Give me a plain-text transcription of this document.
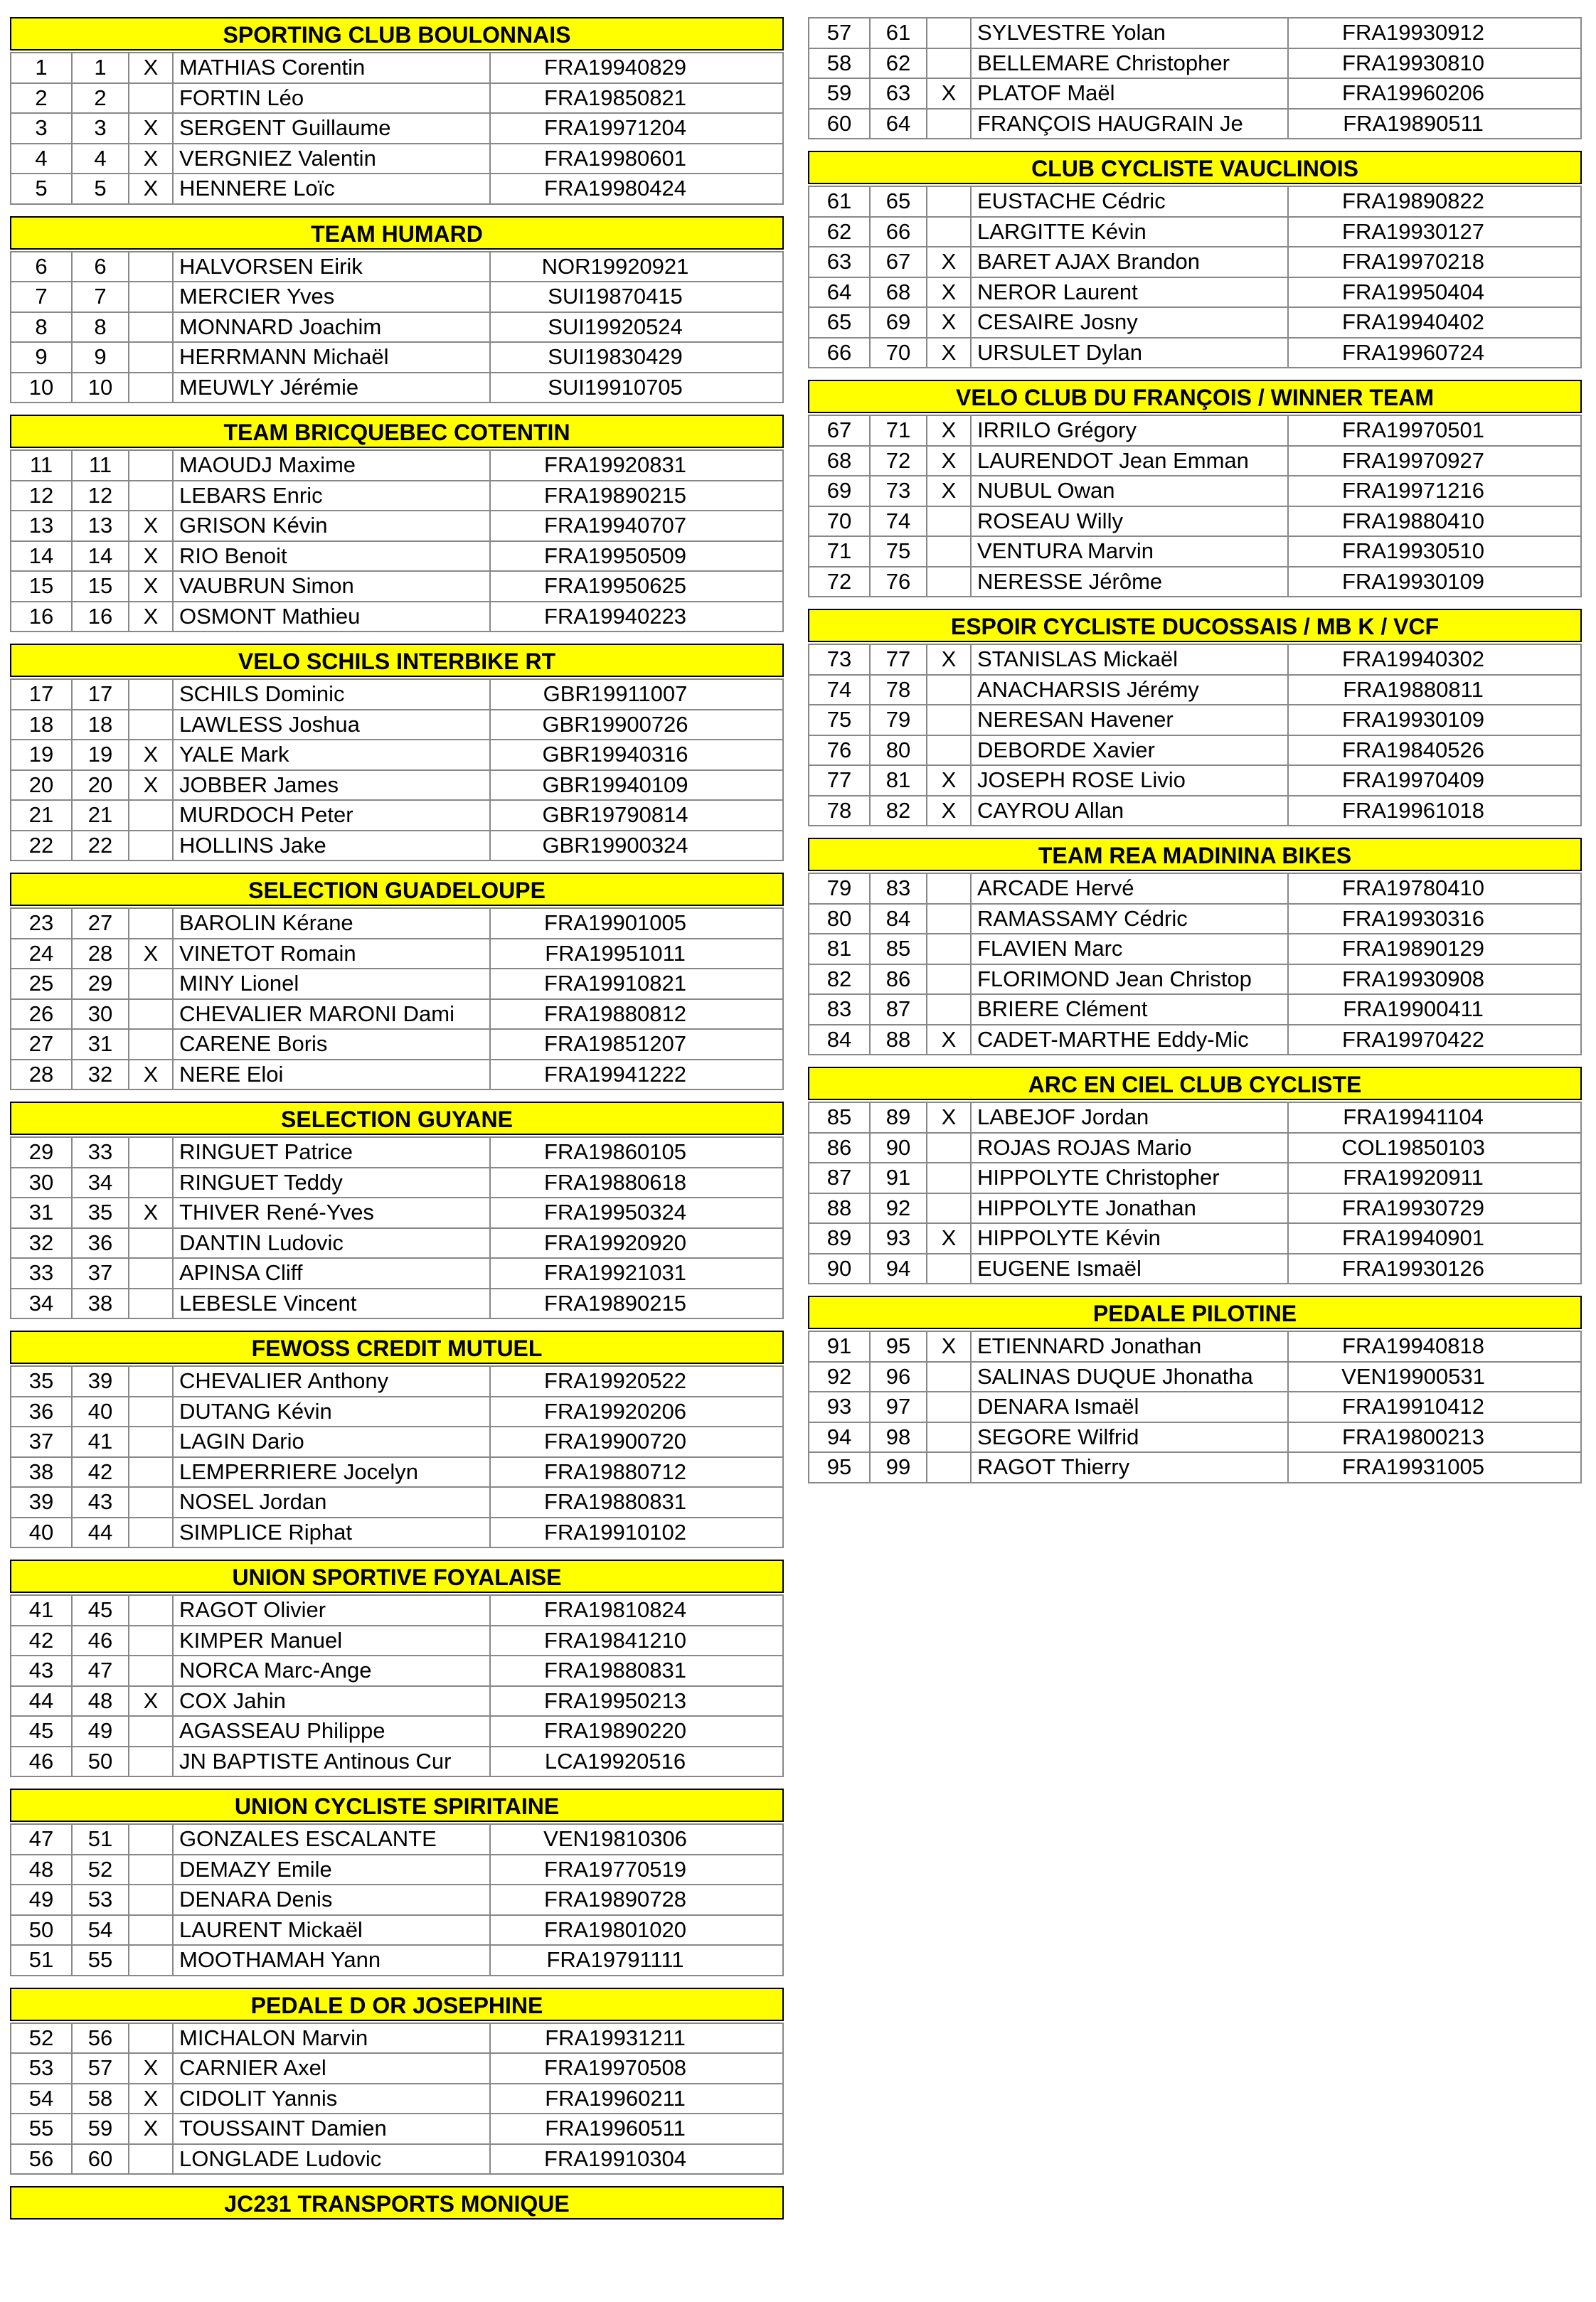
SPORTING CLUB BOULONNAIS
1	1	X	MATHIAS Corentin	FRA19940829
2	2		FORTIN Léo	FRA19850821
3	3	X	SERGENT Guillaume	FRA19971204
4	4	X	VERGNIEZ Valentin	FRA19980601
5	5	X	HENNERE Loïc	FRA19980424
TEAM HUMARD
6	6		HALVORSEN Eirik	NOR19920921
7	7		MERCIER Yves	SUI19870415
8	8		MONNARD Joachim	SUI19920524
9	9		HERRMANN Michaël	SUI19830429
10	10		MEUWLY Jérémie	SUI19910705
TEAM BRICQUEBEC COTENTIN
11	11		MAOUDJ Maxime	FRA19920831
12	12		LEBARS Enric	FRA19890215
13	13	X	GRISON Kévin	FRA19940707
14	14	X	RIO Benoit	FRA19950509
15	15	X	VAUBRUN Simon	FRA19950625
16	16	X	OSMONT Mathieu	FRA19940223
VELO SCHILS INTERBIKE RT
17	17		SCHILS Dominic	GBR19911007
18	18		LAWLESS Joshua	GBR19900726
19	19	X	YALE Mark	GBR19940316
20	20	X	JOBBER James	GBR19940109
21	21		MURDOCH Peter	GBR19790814
22	22		HOLLINS Jake	GBR19900324
SELECTION GUADELOUPE
23	27		BAROLIN Kérane	FRA19901005
24	28	X	VINETOT Romain	FRA19951011
25	29		MINY Lionel	FRA19910821
26	30		CHEVALIER MARONI Dami	FRA19880812
27	31		CARENE Boris	FRA19851207
28	32	X	NERE Eloi	FRA19941222
SELECTION GUYANE
29	33		RINGUET Patrice	FRA19860105
30	34		RINGUET Teddy	FRA19880618
31	35	X	THIVER René-Yves	FRA19950324
32	36		DANTIN Ludovic	FRA19920920
33	37		APINSA Cliff	FRA19921031
34	38		LEBESLE Vincent	FRA19890215
FEWOSS CREDIT MUTUEL
35	39		CHEVALIER Anthony	FRA19920522
36	40		DUTANG Kévin	FRA19920206
37	41		LAGIN Dario	FRA19900720
38	42		LEMPERRIERE Jocelyn	FRA19880712
39	43		NOSEL Jordan	FRA19880831
40	44		SIMPLICE Riphat	FRA19910102
UNION SPORTIVE FOYALAISE
41	45		RAGOT Olivier	FRA19810824
42	46		KIMPER Manuel	FRA19841210
43	47		NORCA Marc-Ange	FRA19880831
44	48	X	COX Jahin	FRA19950213
45	49		AGASSEAU Philippe	FRA19890220
46	50		JN BAPTISTE Antinous Cur	LCA19920516
UNION CYCLISTE SPIRITAINE
47	51		GONZALES ESCALANTE	VEN19810306
48	52		DEMAZY Emile	FRA19770519
49	53		DENARA Denis	FRA19890728
50	54		LAURENT Mickaël	FRA19801020
51	55		MOOTHAMAH Yann	FRA19791111
PEDALE D OR JOSEPHINE
52	56		MICHALON Marvin	FRA19931211
53	57	X	CARNIER Axel	FRA19970508
54	58	X	CIDOLIT Yannis	FRA19960211
55	59	X	TOUSSAINT Damien	FRA19960511
56	60		LONGLADE Ludovic	FRA19910304
JC231 TRANSPORTS MONIQUE
57	61		SYLVESTRE Yolan	FRA19930912
58	62		BELLEMARE Christopher	FRA19930810
59	63	X	PLATOF Maël	FRA19960206
60	64		FRANÇOIS HAUGRAIN Je	FRA19890511
CLUB CYCLISTE VAUCLINOIS
61	65		EUSTACHE Cédric	FRA19890822
62	66		LARGITTE Kévin	FRA19930127
63	67	X	BARET AJAX Brandon	FRA19970218
64	68	X	NEROR Laurent	FRA19950404
65	69	X	CESAIRE Josny	FRA19940402
66	70	X	URSULET Dylan	FRA19960724
VELO CLUB DU FRANÇOIS / WINNER TEAM
67	71	X	IRRILO Grégory	FRA19970501
68	72	X	LAURENDOT Jean Emman	FRA19970927
69	73	X	NUBUL Owan	FRA19971216
70	74		ROSEAU Willy	FRA19880410
71	75		VENTURA Marvin	FRA19930510
72	76		NERESSE Jérôme	FRA19930109
ESPOIR CYCLISTE DUCOSSAIS / MB K / VCF
73	77	X	STANISLAS Mickaël	FRA19940302
74	78		ANACHARSIS Jérémy	FRA19880811
75	79		NERESAN Havener	FRA19930109
76	80		DEBORDE Xavier	FRA19840526
77	81	X	JOSEPH ROSE Livio	FRA19970409
78	82	X	CAYROU Allan	FRA19961018
TEAM REA MADININA BIKES
79	83		ARCADE Hervé	FRA19780410
80	84		RAMASSAMY Cédric	FRA19930316
81	85		FLAVIEN Marc	FRA19890129
82	86		FLORIMOND Jean Christop	FRA19930908
83	87		BRIERE Clément	FRA19900411
84	88	X	CADET-MARTHE Eddy-Mic	FRA19970422
ARC EN CIEL CLUB CYCLISTE
85	89	X	LABEJOF Jordan	FRA19941104
86	90		ROJAS ROJAS Mario	COL19850103
87	91		HIPPOLYTE Christopher	FRA19920911
88	92		HIPPOLYTE Jonathan	FRA19930729
89	93	X	HIPPOLYTE Kévin	FRA19940901
90	94		EUGENE Ismaël	FRA19930126
PEDALE PILOTINE
91	95	X	ETIENNARD Jonathan	FRA19940818
92	96		SALINAS DUQUE Jhonatha	VEN19900531
93	97		DENARA Ismaël	FRA19910412
94	98		SEGORE Wilfrid	FRA19800213
95	99		RAGOT Thierry	FRA19931005
